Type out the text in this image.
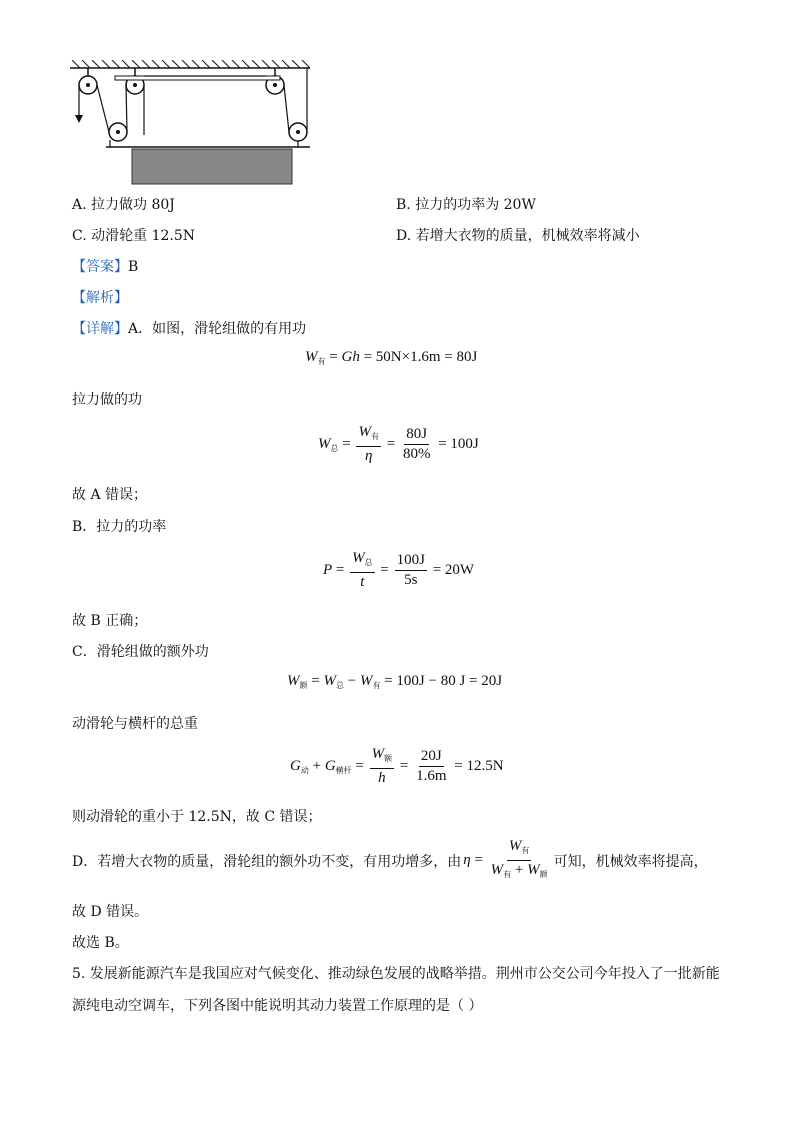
A. 拉力做功 80J	B. 拉力的功率为 20W
C. 动滑轮重 12.5N	D. 若增大衣物的质量，机械效率将减小
【答案】B
【解析】
【详解】A．如图，滑轮组做的有用功
$W_有 = Gh = 50N\times 1.6m = 80J$
拉力做的功
$W_总 = \frac{W_有}{\eta} = \frac{80J}{80\%} = 100J$
故 A 错误；
B．拉力的功率
$P = \frac{W_总}{t} = \frac{100J}{5s} = 20W$
故 B 正确；
C．滑轮组做的额外功
$W_额 = W_总 - W_有 = 100J - 80$ J = 20J
动滑轮与横杆的总重
$G_动 + G_{横杆} = \frac{W_额}{h} = \frac{20J}{1.6m} = 12.5N$
则动滑轮的重小于 12.5N，故 C 错误；
D．若增大衣物的质量，滑轮组的额外功不变，有用功增多，由 $\eta = \frac{W_有}{W_有 + W_额}$ 可知，机械效率将提高，
故 D 错误。
故选 B。
5. 发展新能源汽车是我国应对气候变化、推动绿色发展的战略举措。荆州市公交公司今年投入了一批新能
源纯电动空调车，下列各图中能说明其动力装置工作原理的是（ ）
